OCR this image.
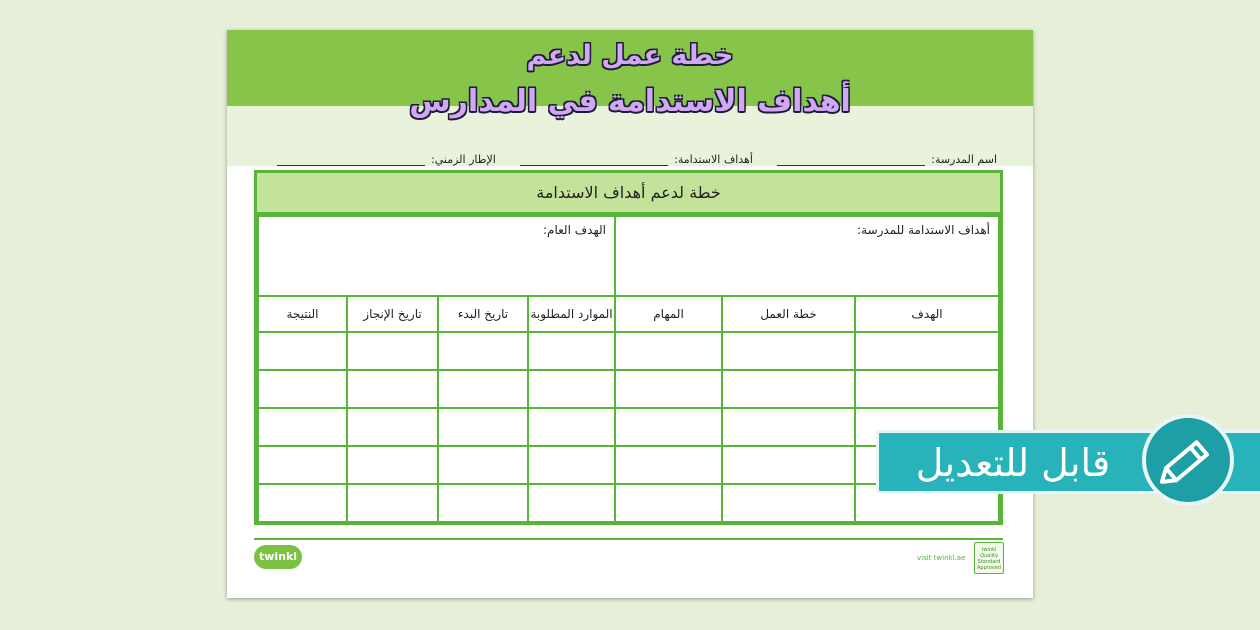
خطة عمل لدعم
أهداف الاستدامة في المدارس
اسم المدرسة:
أهداف الاستدامة:
الإطار الزمني:
خطة لدعم أهداف الاستدامة
أهداف الاستدامة للمدرسة:
الهدف العام:
الهدف
خطة العمل
المهام
الموارد المطلوبة
تاريخ البدء
تاريخ الإنجاز
النتيجة
twinkl	visit twinkl.ae
twinkl Quality Standard Approved
قابل للتعديل
